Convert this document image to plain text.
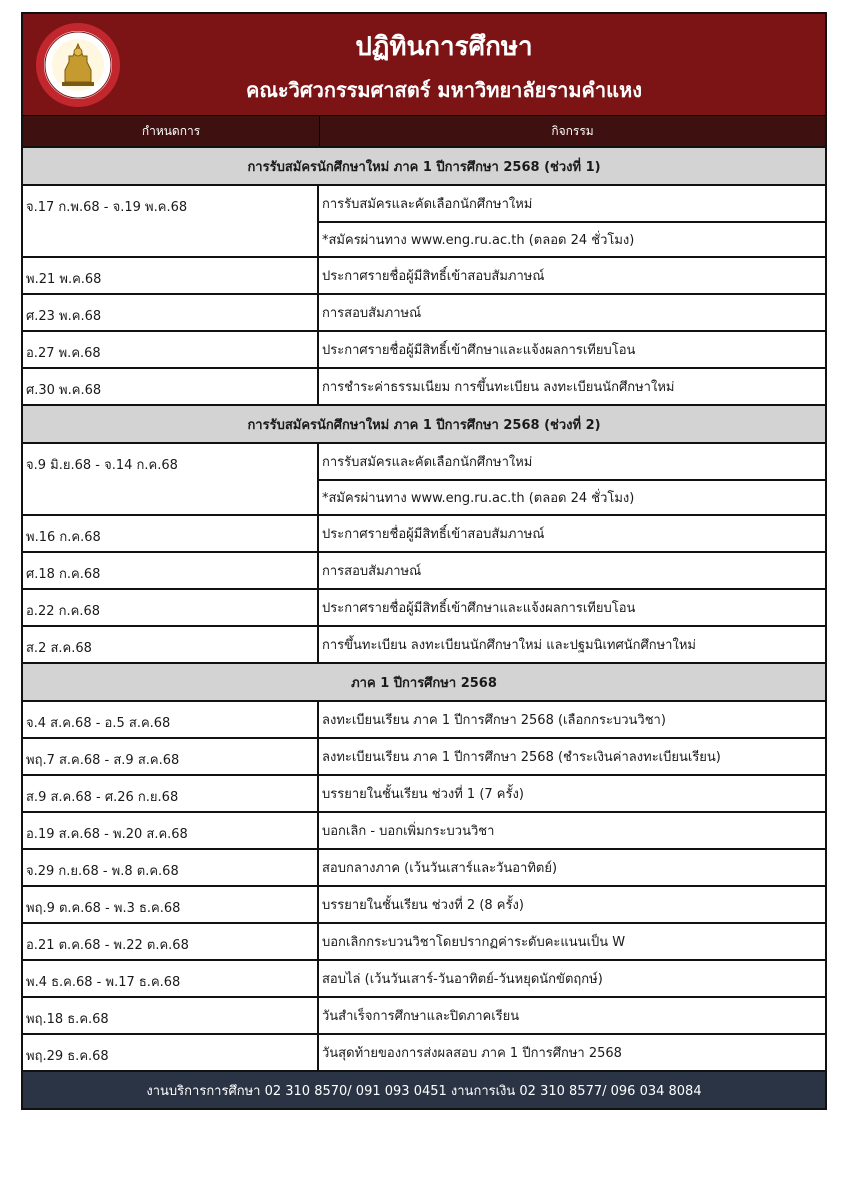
ปฏิทินการศึกษา
คณะวิศวกรรมศาสตร์ มหาวิทยาลัยรามคำแหง
กำหนดการ	กิจกรรม
การรับสมัครนักศึกษาใหม่ ภาค 1 ปีการศึกษา 2568 (ช่วงที่ 1)
จ.17 ก.พ.68 - จ.19 พ.ค.68	การรับสมัครและคัดเลือกนักศึกษาใหม่
*สมัครผ่านทาง www.eng.ru.ac.th (ตลอด 24 ชั่วโมง)
พ.21 พ.ค.68	ประกาศรายชื่อผู้มีสิทธิ์เข้าสอบสัมภาษณ์
ศ.23 พ.ค.68	การสอบสัมภาษณ์
อ.27 พ.ค.68	ประกาศรายชื่อผู้มีสิทธิ์เข้าศึกษาและแจ้งผลการเทียบโอน
ศ.30 พ.ค.68	การชำระค่าธรรมเนียม การขึ้นทะเบียน ลงทะเบียนนักศึกษาใหม่
การรับสมัครนักศึกษาใหม่ ภาค 1 ปีการศึกษา 2568 (ช่วงที่ 2)
จ.9 มิ.ย.68 - จ.14 ก.ค.68	การรับสมัครและคัดเลือกนักศึกษาใหม่
*สมัครผ่านทาง www.eng.ru.ac.th (ตลอด 24 ชั่วโมง)
พ.16 ก.ค.68	ประกาศรายชื่อผู้มีสิทธิ์เข้าสอบสัมภาษณ์
ศ.18 ก.ค.68	การสอบสัมภาษณ์
อ.22 ก.ค.68	ประกาศรายชื่อผู้มีสิทธิ์เข้าศึกษาและแจ้งผลการเทียบโอน
ส.2 ส.ค.68	การขึ้นทะเบียน ลงทะเบียนนักศึกษาใหม่ และปฐมนิเทศนักศึกษาใหม่
ภาค 1 ปีการศึกษา 2568
จ.4 ส.ค.68 - อ.5 ส.ค.68	ลงทะเบียนเรียน ภาค 1 ปีการศึกษา 2568 (เลือกกระบวนวิชา)
พฤ.7 ส.ค.68 - ส.9 ส.ค.68	ลงทะเบียนเรียน ภาค 1 ปีการศึกษา 2568 (ชำระเงินค่าลงทะเบียนเรียน)
ส.9 ส.ค.68 - ศ.26 ก.ย.68	บรรยายในชั้นเรียน ช่วงที่ 1 (7 ครั้ง)
อ.19 ส.ค.68 - พ.20 ส.ค.68	บอกเลิก - บอกเพิ่มกระบวนวิชา
จ.29 ก.ย.68 - พ.8 ต.ค.68	สอบกลางภาค (เว้นวันเสาร์และวันอาทิตย์)
พฤ.9 ต.ค.68 - พ.3 ธ.ค.68	บรรยายในชั้นเรียน ช่วงที่ 2 (8 ครั้ง)
อ.21 ต.ค.68 - พ.22 ต.ค.68	บอกเลิกกระบวนวิชาโดยปรากฏค่าระดับคะแนนเป็น W
พ.4 ธ.ค.68 - พ.17 ธ.ค.68	สอบไล่ (เว้นวันเสาร์-วันอาทิตย์-วันหยุดนักขัตฤกษ์)
พฤ.18 ธ.ค.68	วันสำเร็จการศึกษาและปิดภาคเรียน
พฤ.29 ธ.ค.68	วันสุดท้ายของการส่งผลสอบ ภาค 1 ปีการศึกษา 2568
งานบริการการศึกษา 02 310 8570/ 091 093 0451 งานการเงิน 02 310 8577/ 096 034 8084
